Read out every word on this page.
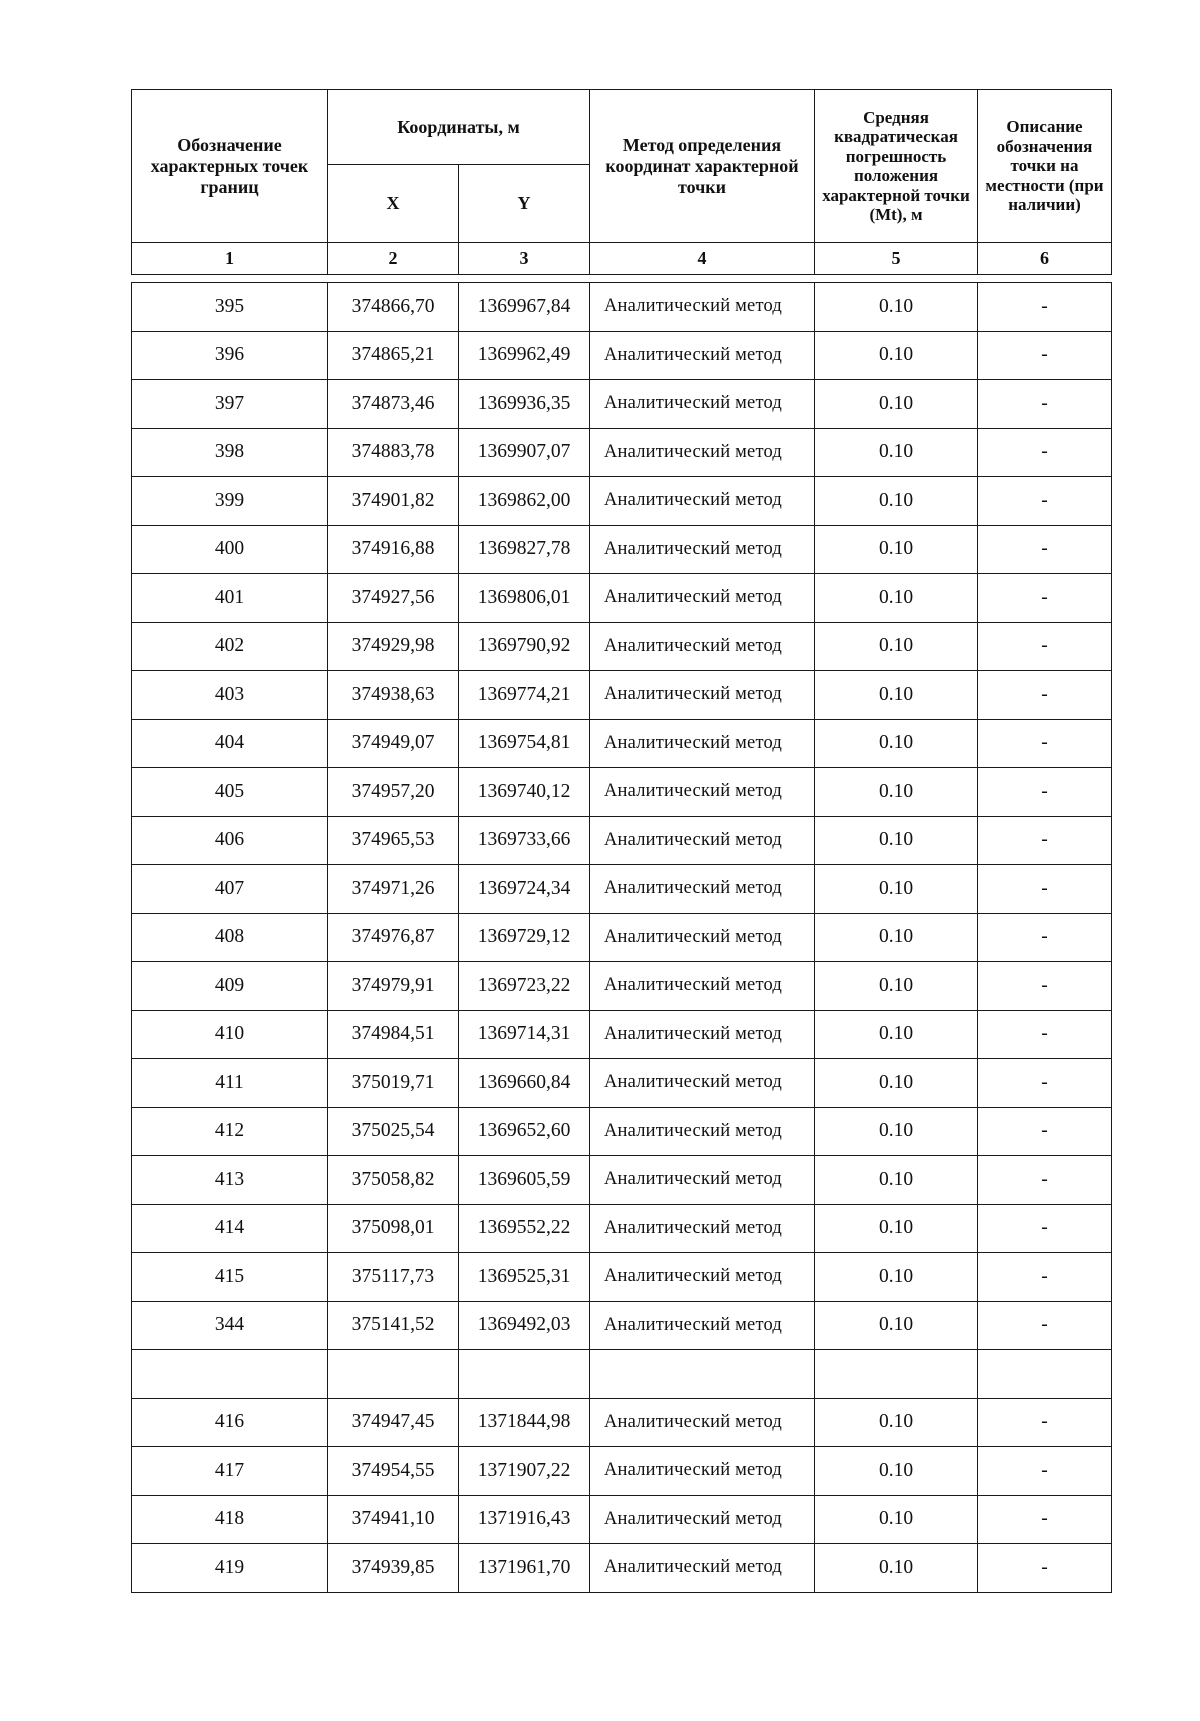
Обозначение характерных точек границ	Координаты, м		Метод определения координат характерной точки	Средняя квадратическая погрешность положения характерной точки (Mt), м	Описание обозначения точки на местности (при наличии)
	X	Y			
1	2	3	4	5	6
395	374866,70	1369967,84	Аналитический метод	0.10	-
396	374865,21	1369962,49	Аналитический метод	0.10	-
397	374873,46	1369936,35	Аналитический метод	0.10	-
398	374883,78	1369907,07	Аналитический метод	0.10	-
399	374901,82	1369862,00	Аналитический метод	0.10	-
400	374916,88	1369827,78	Аналитический метод	0.10	-
401	374927,56	1369806,01	Аналитический метод	0.10	-
402	374929,98	1369790,92	Аналитический метод	0.10	-
403	374938,63	1369774,21	Аналитический метод	0.10	-
404	374949,07	1369754,81	Аналитический метод	0.10	-
405	374957,20	1369740,12	Аналитический метод	0.10	-
406	374965,53	1369733,66	Аналитический метод	0.10	-
407	374971,26	1369724,34	Аналитический метод	0.10	-
408	374976,87	1369729,12	Аналитический метод	0.10	-
409	374979,91	1369723,22	Аналитический метод	0.10	-
410	374984,51	1369714,31	Аналитический метод	0.10	-
411	375019,71	1369660,84	Аналитический метод	0.10	-
412	375025,54	1369652,60	Аналитический метод	0.10	-
413	375058,82	1369605,59	Аналитический метод	0.10	-
414	375098,01	1369552,22	Аналитический метод	0.10	-
415	375117,73	1369525,31	Аналитический метод	0.10	-
344	375141,52	1369492,03	Аналитический метод	0.10	-

416	374947,45	1371844,98	Аналитический метод	0.10	-
417	374954,55	1371907,22	Аналитический метод	0.10	-
418	374941,10	1371916,43	Аналитический метод	0.10	-
419	374939,85	1371961,70	Аналитический метод	0.10	-
